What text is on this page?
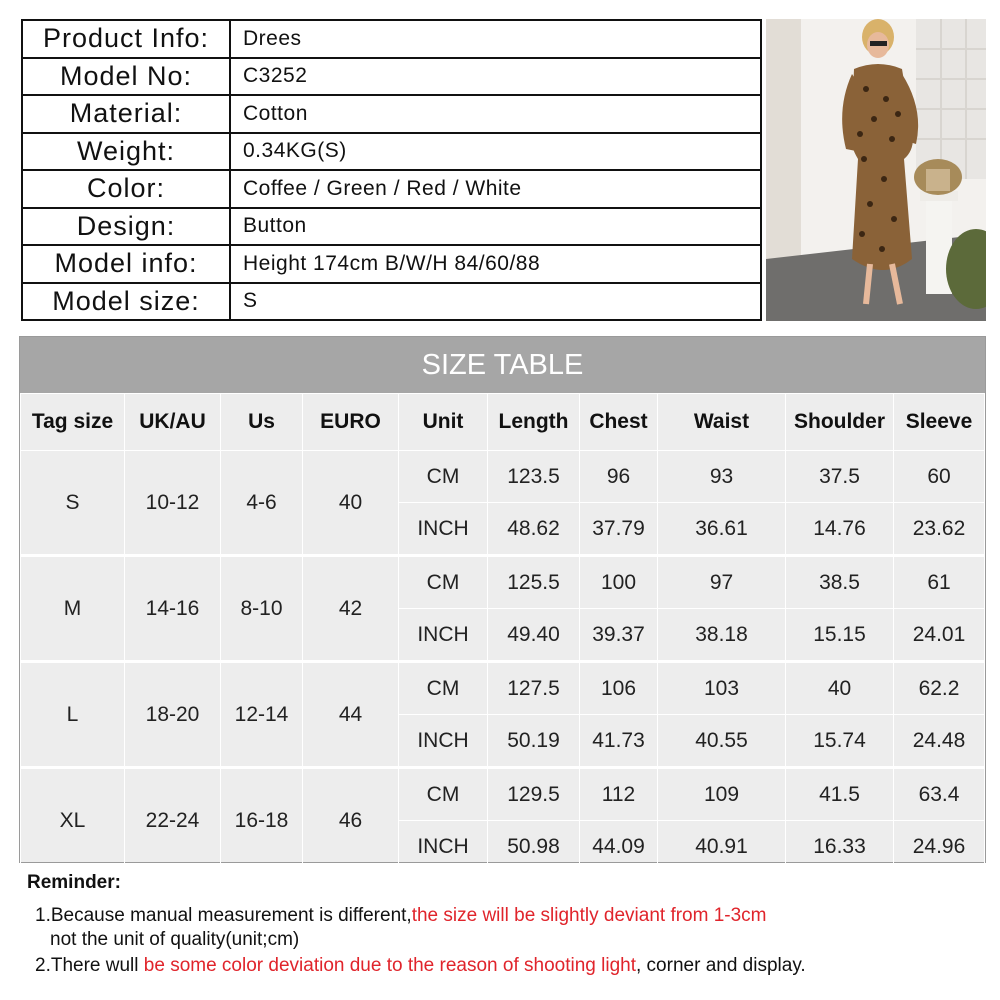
Product Info:	Drees
Model No:	C3252
Material:	Cotton
Weight:	0.34KG(S)
Color:	Coffee / Green / Red / White
Design:	Button
Model info:	Height 174cm B/W/H 84/60/88
Model size:	S
SIZE TABLE
Tag size	UK/AU	Us	EURO	Unit	Length	Chest	Waist	Shoulder	Sleeve
S	10-12	4-6	40	CM	123.5	96	93	37.5	60
				INCH	48.62	37.79	36.61	14.76	23.62
M	14-16	8-10	42	CM	125.5	100	97	38.5	61
				INCH	49.40	39.37	38.18	15.15	24.01
L	18-20	12-14	44	CM	127.5	106	103	40	62.2
				INCH	50.19	41.73	40.55	15.74	24.48
XL	22-24	16-18	46	CM	129.5	112	109	41.5	63.4
				INCH	50.98	44.09	40.91	16.33	24.96
Reminder:
1.Because manual measurement is different,the size will be slightly deviant from 1-3cm
not the unit of quality(unit;cm)
2.There wull be some color deviation due to the reason of shooting light, corner and display.
